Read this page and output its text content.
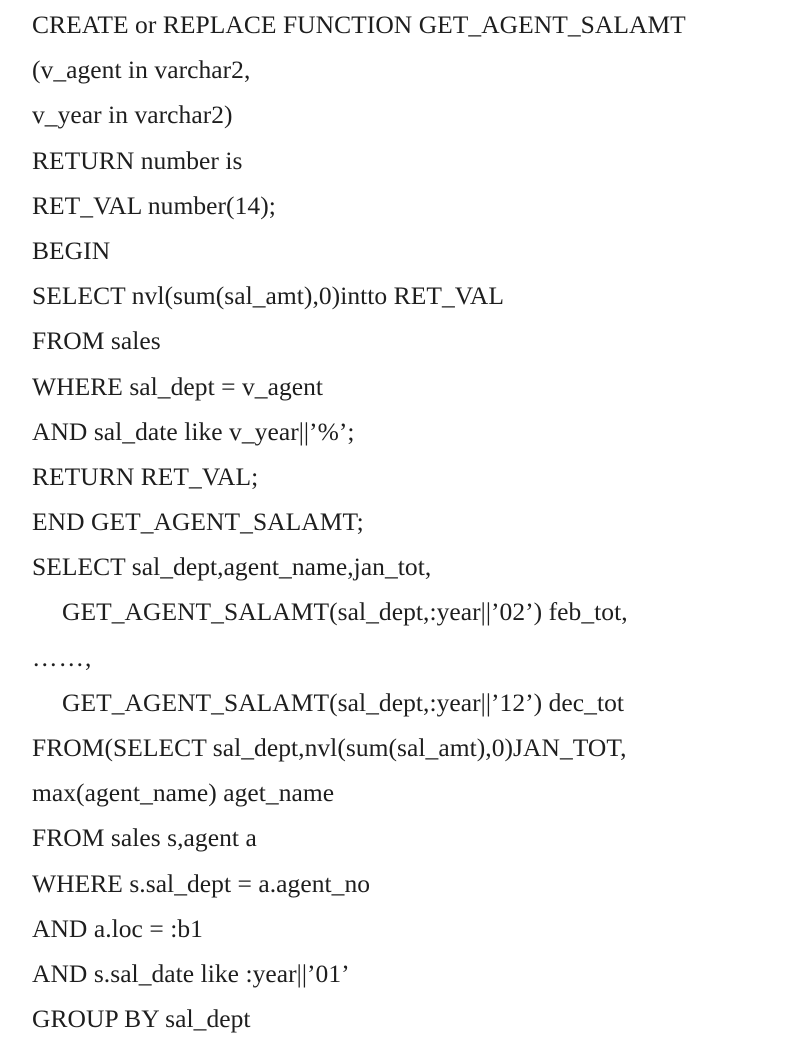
CREATE or REPLACE FUNCTION GET_AGENT_SALAMT
(v_agent in varchar2,
v_year in varchar2)
RETURN number is
RET_VAL number(14);
BEGIN
SELECT nvl(sum(sal_amt),0)intto RET_VAL
FROM sales
WHERE sal_dept = v_agent
AND sal_date like v_year||’%’;
RETURN RET_VAL;
END GET_AGENT_SALAMT;
SELECT sal_dept,agent_name,jan_tot,
GET_AGENT_SALAMT(sal_dept,:year||’02’) feb_tot,
……,
GET_AGENT_SALAMT(sal_dept,:year||’12’) dec_tot
FROM(SELECT sal_dept,nvl(sum(sal_amt),0)JAN_TOT,
max(agent_name) aget_name
FROM sales s,agent a
WHERE s.sal_dept = a.agent_no
AND a.loc = :b1
AND s.sal_date like :year||’01’
GROUP BY sal_dept
